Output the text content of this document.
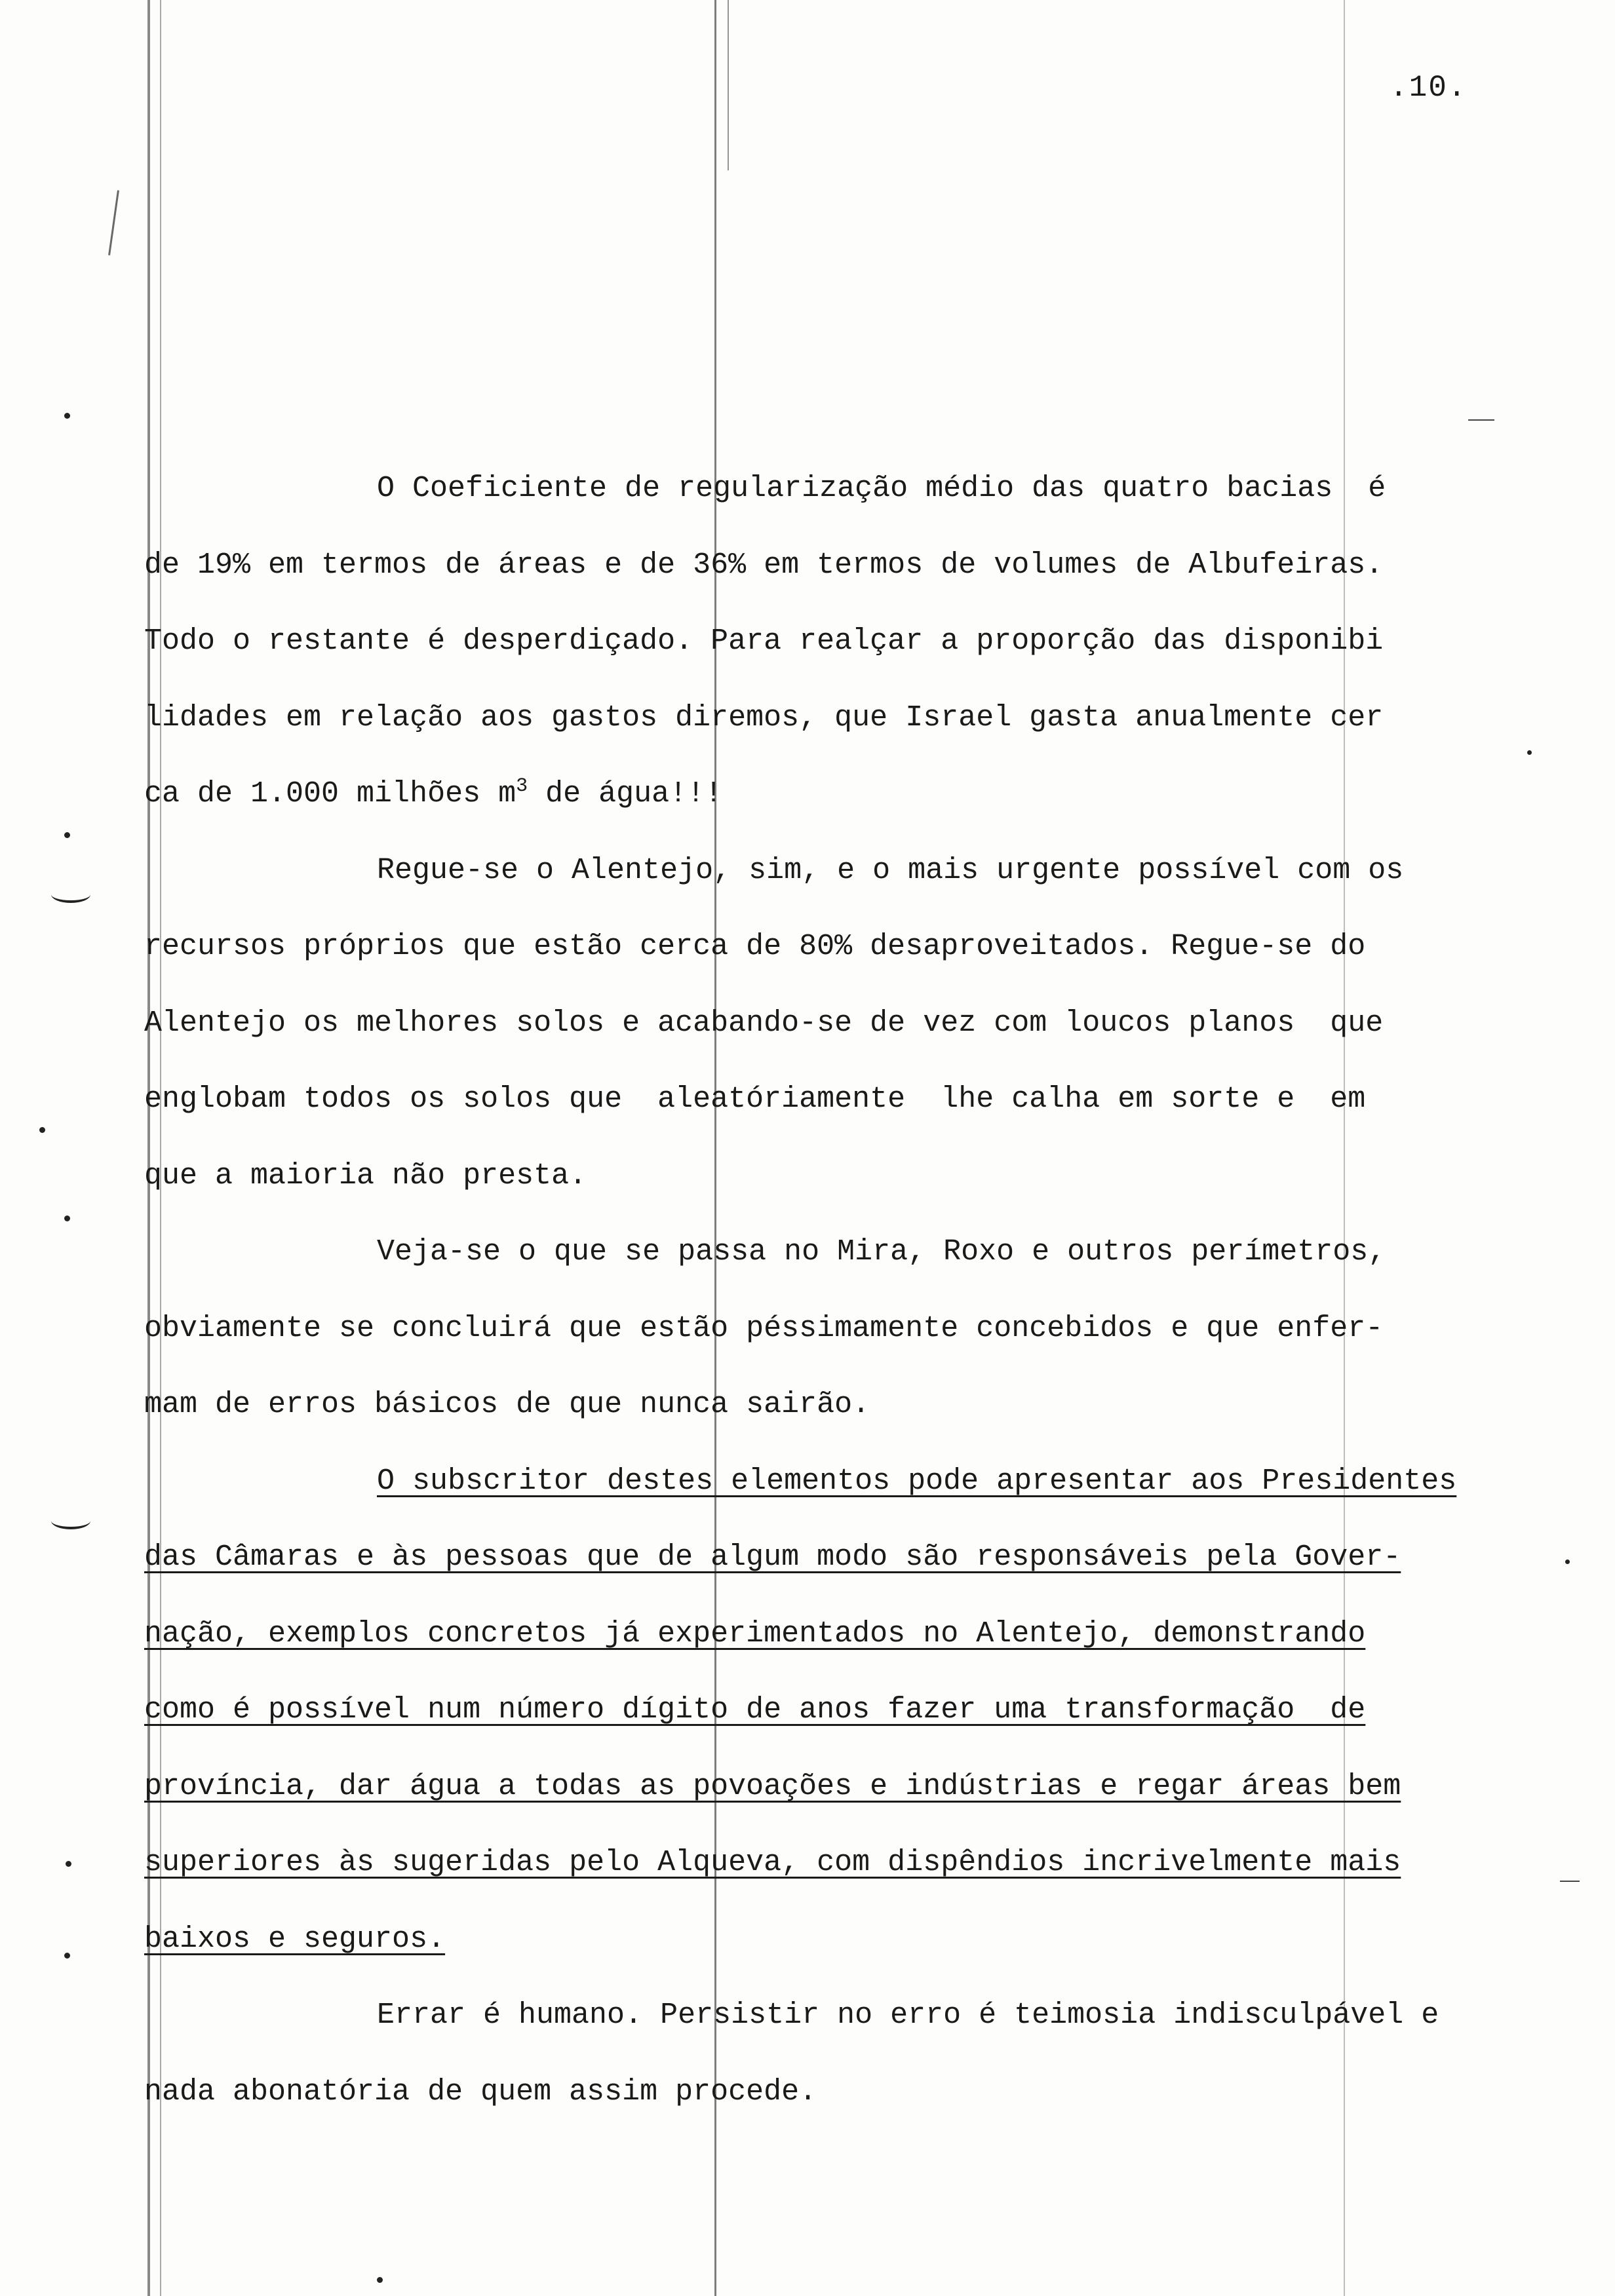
.10.
O Coeficiente de regularização médio das quatro bacias  é
de 19% em termos de áreas e de 36% em termos de volumes de Albufeiras.
Todo o restante é desperdiçado. Para realçar a proporção das disponibi
lidades em relação aos gastos diremos, que Israel gasta anualmente cer
ca de 1.000 milhões $m^3$ de água!!!
Regue-se o Alentejo, sim, e o mais urgente possível com os
recursos próprios que estão cerca de 80% desaproveitados. Regue-se do
Alentejo os melhores solos e acabando-se de vez com loucos planos  que
englobam todos os solos que  aleatóriamente  lhe calha em sorte e  em
que a maioria não presta.
Veja-se o que se passa no Mira, Roxo e outros perímetros,
obviamente se concluirá que estão péssimamente concebidos e que enfer-
mam de erros básicos de que nunca sairão.
O subscritor destes elementos pode apresentar aos Presidentes
das Câmaras e às pessoas que de algum modo são responsáveis pela Gover-
nação, exemplos concretos já experimentados no Alentejo, demonstrando
como é possível num número dígito de anos fazer uma transformação  de
província, dar água a todas as povoações e indústrias e regar áreas bem
superiores às sugeridas pelo Alqueva, com dispêndios incrivelmente mais
baixos e seguros.
Errar é humano. Persistir no erro é teimosia indisculpável e
nada abonatória de quem assim procede.
